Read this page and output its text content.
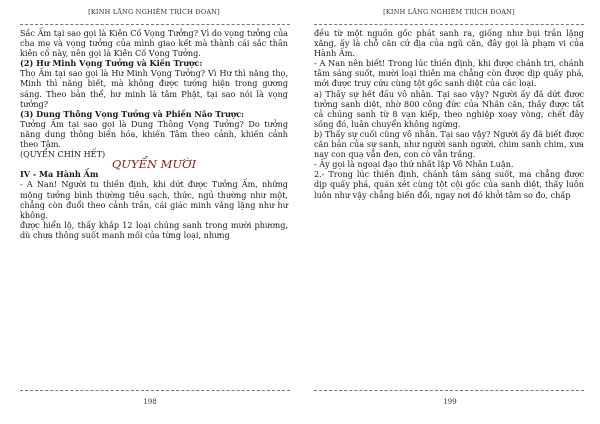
[KINH LĂNG NGHIÊM TRÍCH ĐOẠN]

Sắc Ấm tại sao gọi là Kiên Cố Vọng Tưởng? Vì do vọng tưởng của cha mẹ và vọng tưởng của mình giao kết mà thành cái sắc thân kiên cố này, nên gọi là Kiên Cố Vọng Tưởng.

(2) Hư Minh Vọng Tưởng và Kiến Trược:

Thọ Ấm tại sao gọi là Hư Minh Vọng Tưởng? Vì Hư thì năng thọ, Minh thì năng biết, mà không được tướng hiện trong gương sáng. Theo bản thể, hư minh là tâm Phật, tại sao nói là vọng tưởng?

(3) Dung Thông Vọng Tưởng và Phiền Não Trược:

Tưởng Ấm tại sao gọi là Dung Thông Vọng Tưởng? Do tưởng năng dung thông biến hóa, khiến Tâm theo cảnh, khiến cảnh theo Tâm.

(QUYỂN CHÍN HẾT)

QUYỂN MƯỜI

IV - Ma Hành Ấm

- A Nan! Người tu thiền định, khi dứt được Tưởng Ấm, những mộng tưởng bình thường tiêu sạch, thức, ngủ thường như một, chẳng còn đuổi theo cảnh trần, cái giác minh vắng lặng như hư không.

được hiển lộ, thấy khắp 12 loại chúng sanh trong mười phương, dù chưa thông suốt manh mối của từng loại, nhưng

198
[KINH LĂNG NGHIÊM TRÍCH ĐOẠN]

đều từ một nguồn gốc phát sanh ra, giống như bụi trần lặng xăng, ấy là chỗ căn cứ địa của ngũ căn, đây gọi là phạm vi của Hành Ấm.

- A Nan nên biết! Trong lúc thiền định, khi được chánh tri, chánh tâm sáng suốt, mười loại thiên ma chẳng còn được dịp quấy phá, mới được truy cứu cùng tột gốc sanh diệt của các loại.

a) Thấy sự hết đầu vô nhân. Tại sao vậy? Người ấy đã dứt được tưởng sanh diệt, nhờ 800 công đức của Nhãn căn, thấy được tất cả chúng sanh từ 8 vạn kiếp, theo nghiệp xoay vòng, chết đây sống đó, luân chuyển không ngừng.

b) Thấy sự cuối cũng vô nhân. Tại sao vậy? Người ấy đã biết được căn bản của sự sanh, như người sanh người, chim sanh chim, xưa nay con quạ vẫn đen, con cò vẫn trắng.

- Ấy gọi là ngoại đạo thứ nhất lập Vô Nhân Luận.

2.- Trong lúc thiền định, chánh tâm sáng suốt, ma chẳng được dịp quấy phá, quán xét cùng tột cội gốc của sanh diệt, thấy luôn luôn như vậy chẳng biến đổi, ngay nơi đó khởi tâm so đo, chấp

199
